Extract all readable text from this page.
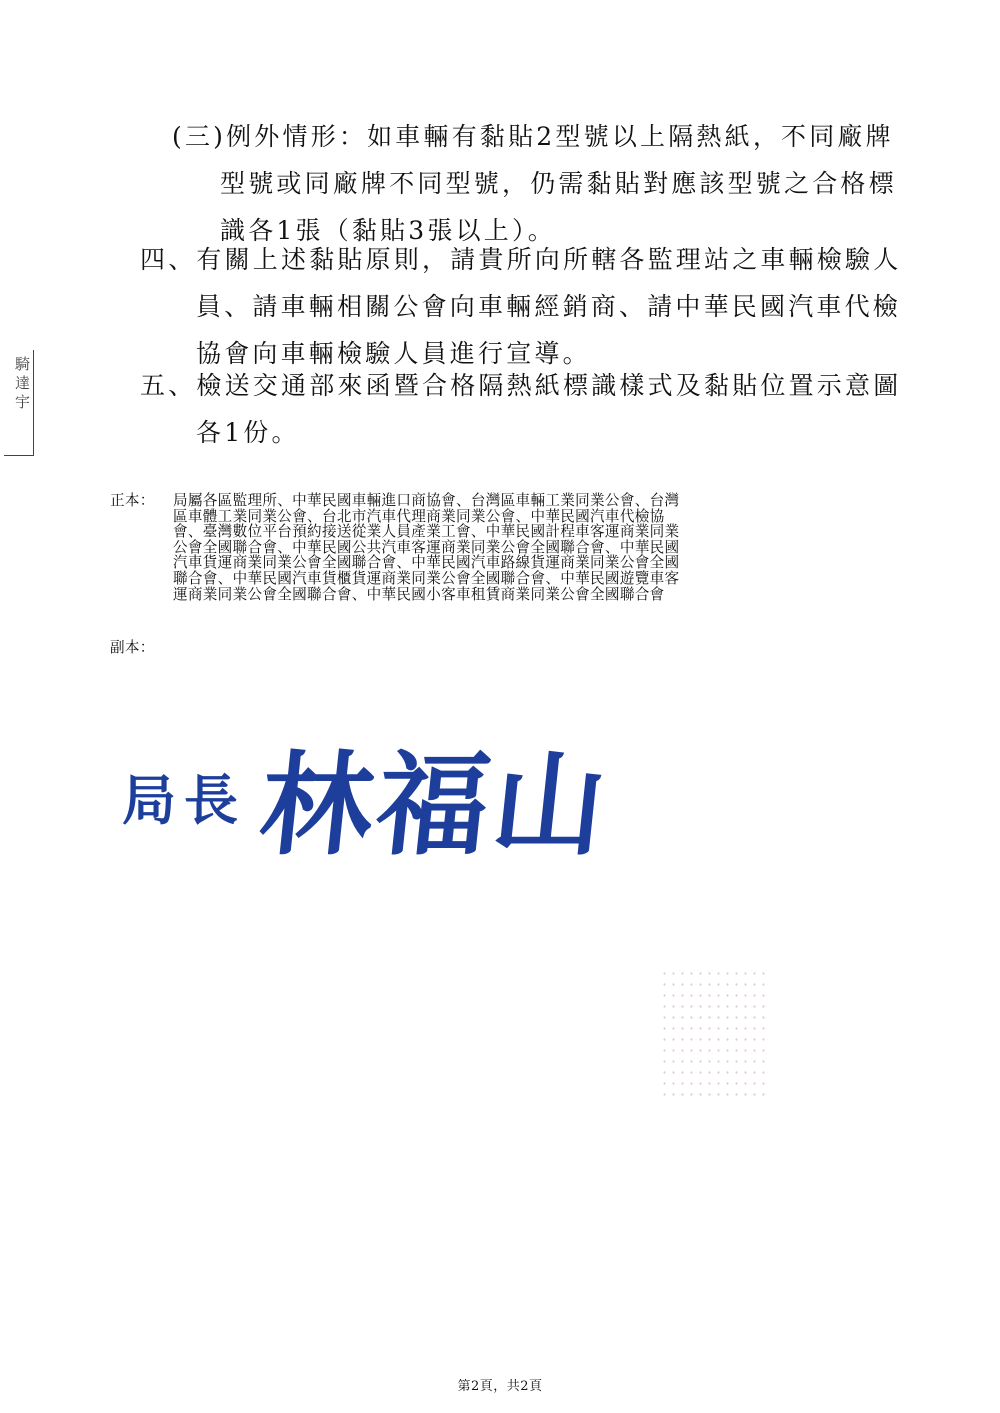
(三)例外情形：如車輛有黏貼2型號以上隔熱紙，不同廠牌
型號或同廠牌不同型號，仍需黏貼對應該型號之合格標
識各1張（黏貼3張以上）。
四、有關上述黏貼原則，請貴所向所轄各監理站之車輛檢驗人
員、請車輛相關公會向車輛經銷商、請中華民國汽車代檢
協會向車輛檢驗人員進行宣導。
五、檢送交通部來函暨合格隔熱紙標識樣式及黏貼位置示意圖
各1份。
騎達宇
正本： 局屬各區監理所、中華民國車輛進口商協會、台灣區車輛工業同業公會、台灣
區車體工業同業公會、台北市汽車代理商業同業公會、中華民國汽車代檢協
會、臺灣數位平台預約接送從業人員產業工會、中華民國計程車客運商業同業
公會全國聯合會、中華民國公共汽車客運商業同業公會全國聯合會、中華民國
汽車貨運商業同業公會全國聯合會、中華民國汽車路線貨運商業同業公會全國
聯合會、中華民國汽車貨櫃貨運商業同業公會全國聯合會、中華民國遊覽車客
運商業同業公會全國聯合會、中華民國小客車租賃商業同業公會全國聯合會
副本：
局長 林福山
第2頁，共2頁
